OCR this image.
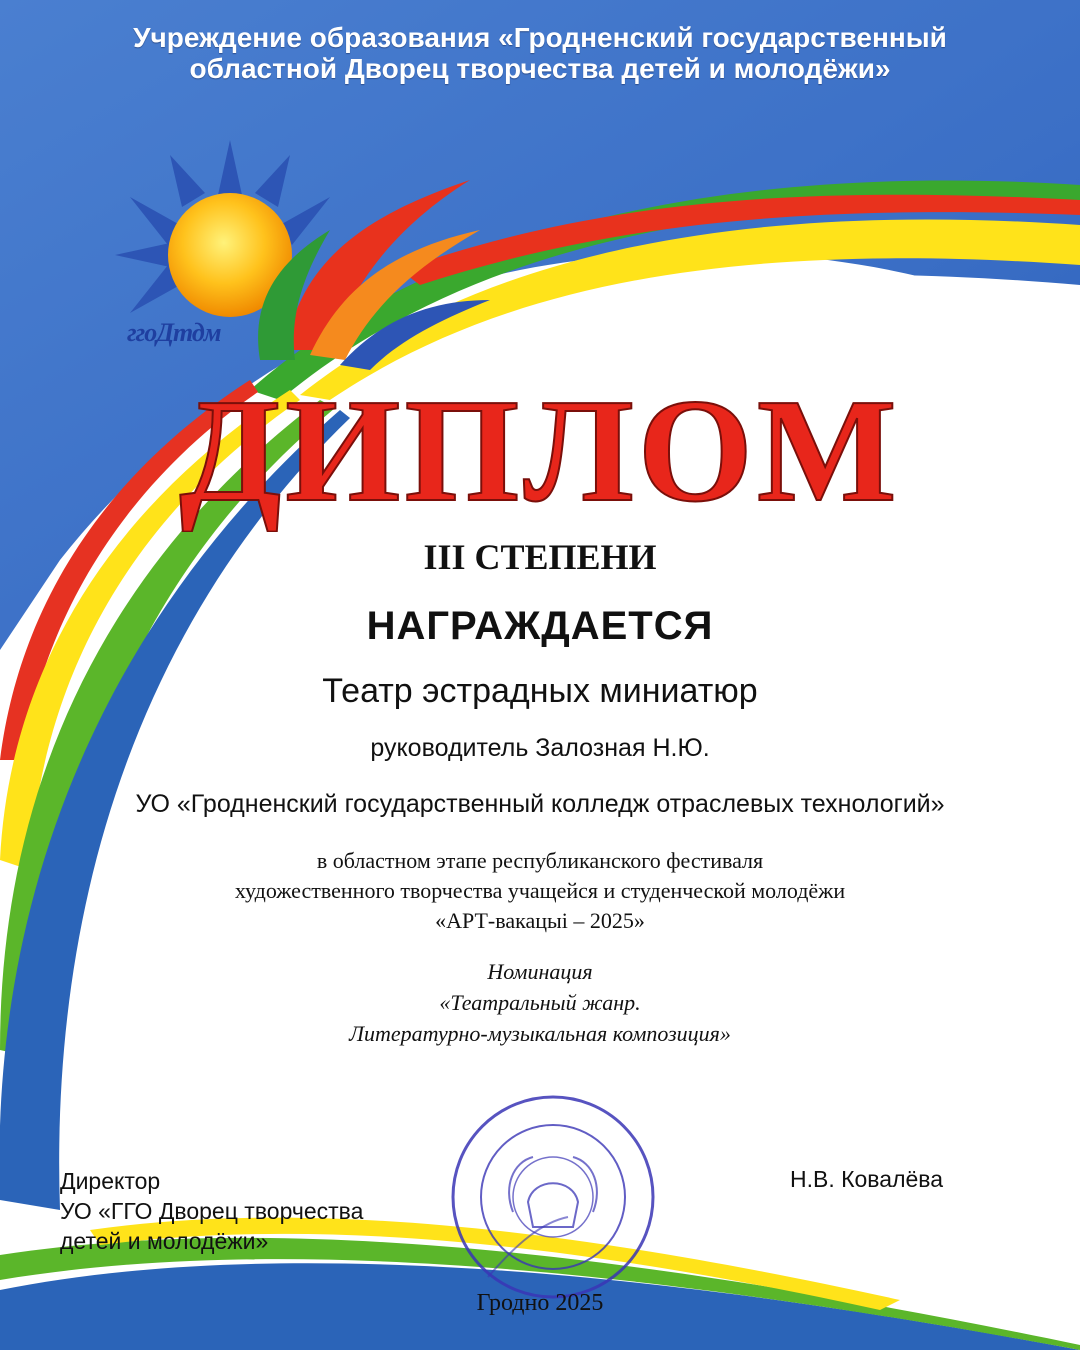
Учреждение образования «Гродненский государственный
областной Дворец творчества детей и молодёжи»
ггоДтдм
ДИПЛОМ
III СТЕПЕНИ
НАГРАЖДАЕТСЯ
Театр эстрадных миниатюр
руководитель Залозная Н.Ю.
УО «Гродненский государственный колледж отраслевых технологий»
в областном этапе республиканского фестиваля
художественного творчества учащейся и студенческой молодёжи
«АРТ-вакацыі – 2025»
Номинация
«Театральный жанр.
Литературно-музыкальная композиция»
Директор
УО «ГГО Дворец творчества
детей и молодёжи»
Н.В. Ковалёва
Гродно 2025
